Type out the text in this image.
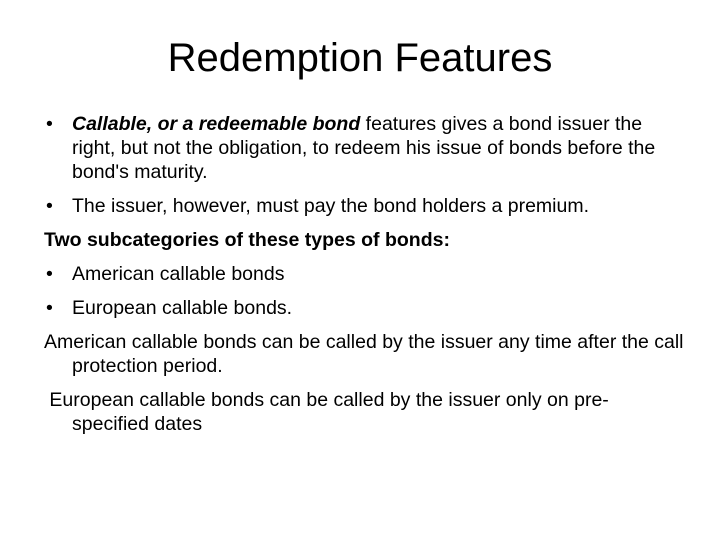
Redemption Features
• Callable, or a redeemable bond features gives a bond issuer the right, but not the obligation, to redeem his issue of bonds before the bond's maturity.
• The issuer, however, must pay the bond holders a premium.
Two subcategories of these types of bonds:
• American callable bonds
• European callable bonds.
American callable bonds can be called by the issuer any time after the call protection period.
European callable bonds can be called by the issuer only on pre-specified dates
